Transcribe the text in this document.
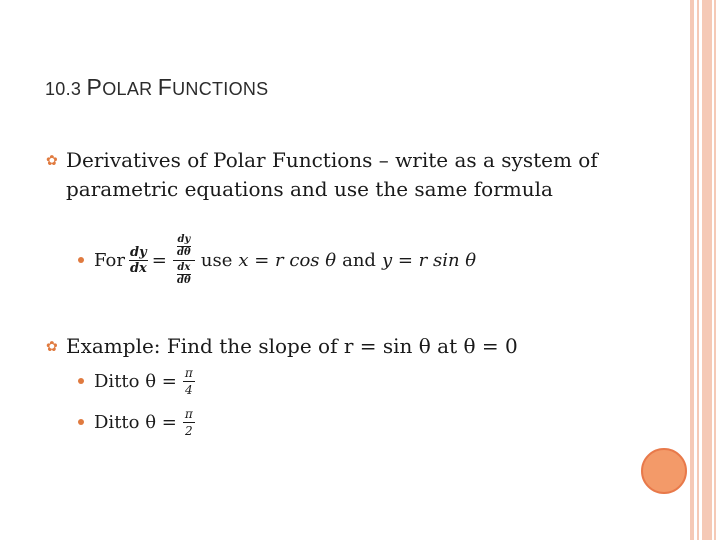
10.3 POLAR FUNCTIONS
✿ Derivatives of Polar Functions – write as a system of parametric equations and use the same formula
For $\frac{dy}{dx}$ =
$\frac{dy}{d\theta}$
$\frac{dx}{d\theta}$
use x = r cos θ and y = r sin θ
✿ Example: Find the slope of r = sin θ at θ = 0
Ditto θ = π
4
Ditto θ = π
2
